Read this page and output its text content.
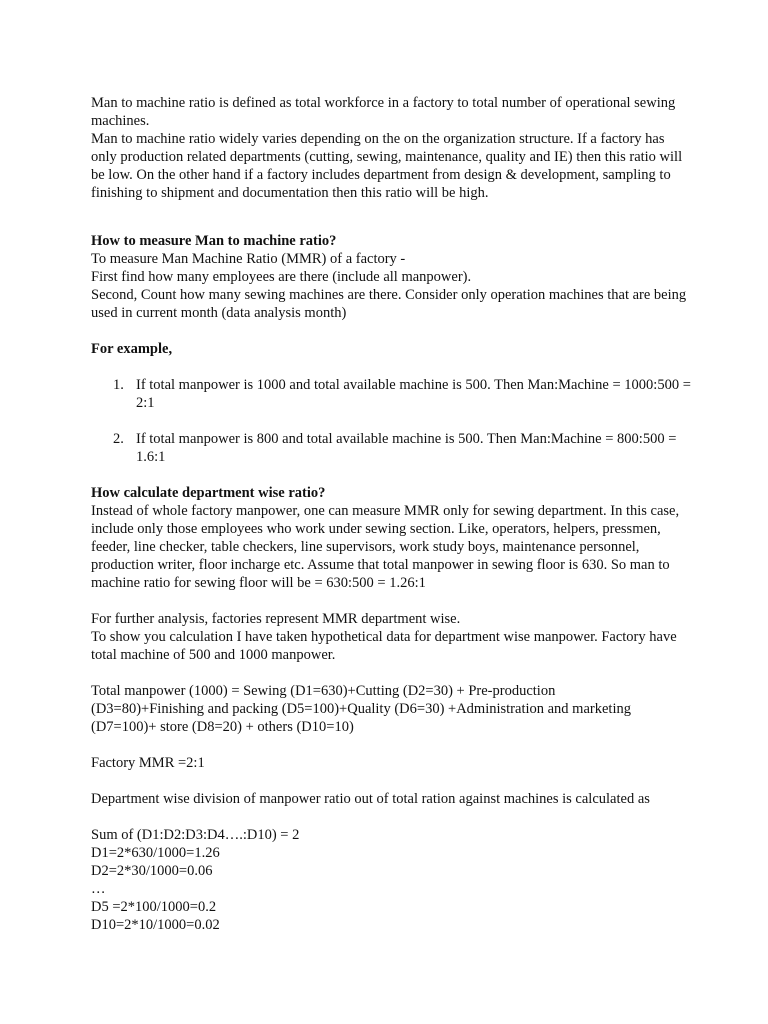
Man to machine ratio is defined as total workforce in a factory to total number of operational sewing machines.

Man to machine ratio widely varies depending on the on the organization structure. If a factory has only production related departments (cutting, sewing, maintenance, quality and IE) then this ratio will be low. On the other hand if a factory includes department from design & development, sampling to finishing to shipment and documentation then this ratio will be high.

How to measure Man to machine ratio?

To measure Man Machine Ratio (MMR) of a factory -

First find how many employees are there (include all manpower).

Second, Count how many sewing machines are there. Consider only operation machines that are being used in current month (data analysis month)

For example,
1. If total manpower is 1000 and total available machine is 500. Then Man:Machine = 1000:500 = 2:1
2. If total manpower is 800 and total available machine is 500. Then Man:Machine = 800:500 = 1.6:1
How calculate department wise ratio?

Instead of whole factory manpower, one can measure MMR only for sewing department. In this case, include only those employees who work under sewing section. Like, operators, helpers, pressmen, feeder, line checker, table checkers, line supervisors, work study boys, maintenance personnel, production writer, floor incharge etc. Assume that total manpower in sewing floor is 630. So man to machine ratio for sewing floor will be = 630:500 = 1.26:1

For further analysis, factories represent MMR department wise.

To show you calculation I have taken hypothetical data for department wise manpower. Factory have total machine of 500 and 1000 manpower.

Total manpower (1000) = Sewing (D1=630)+Cutting (D2=30) + Pre-production

(D3=80)+Finishing and packing (D5=100)+Quality (D6=30) +Administration and marketing

(D7=100)+ store (D8=20) + others (D10=10)

Factory MMR =2:1

Department wise division of manpower ratio out of total ration against machines is calculated as

Sum of (D1:D2:D3:D4….:D10) = 2

D1=2*630/1000=1.26

D2=2*30/1000=0.06

…

D5 =2*100/1000=0.2

D10=2*10/1000=0.02
